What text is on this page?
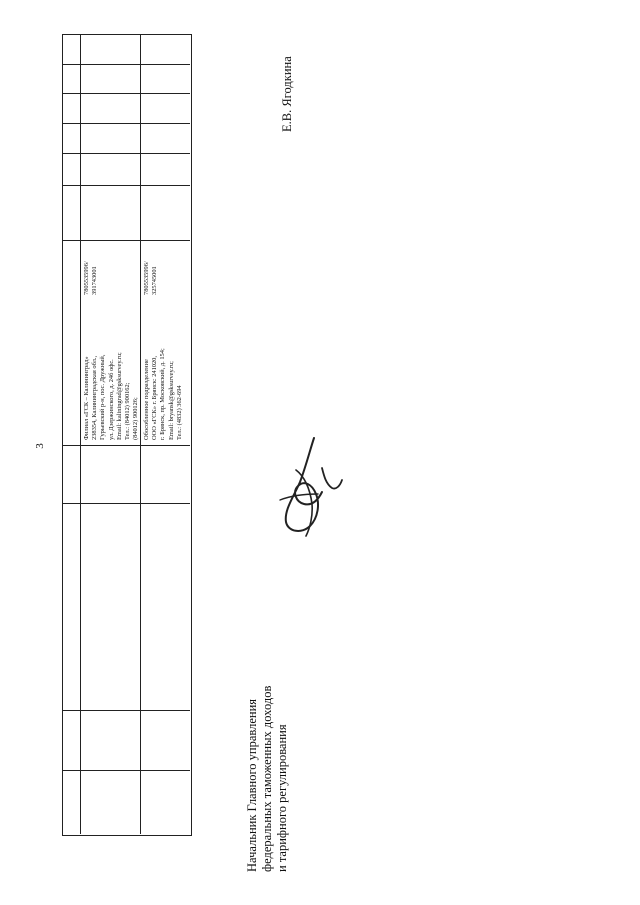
3
7805535996/
391743001
Филиал «ГСК – Калининград»
238354, Калининградская обл.,
Гурьевский р-н, пос. Дружный,
ул. Дзержинского, д. 24б офс.
Email: kaliningrad@gsksurvey.ru;
Тел.: (84012) 900162;
(84012) 900126;
7805535996/
325745001
Обособленное подразделение
ООО «ГСК» г. Брянск: 241020,
г. Брянск, пр. Московский, д. 154;
Email: bryansk@gsksurvey.ru;
Тел.: (4832) 362-694
Начальник Главного управления
федеральных таможенных доходов
и тарифного регулирования
Е.В. Ягодкина
